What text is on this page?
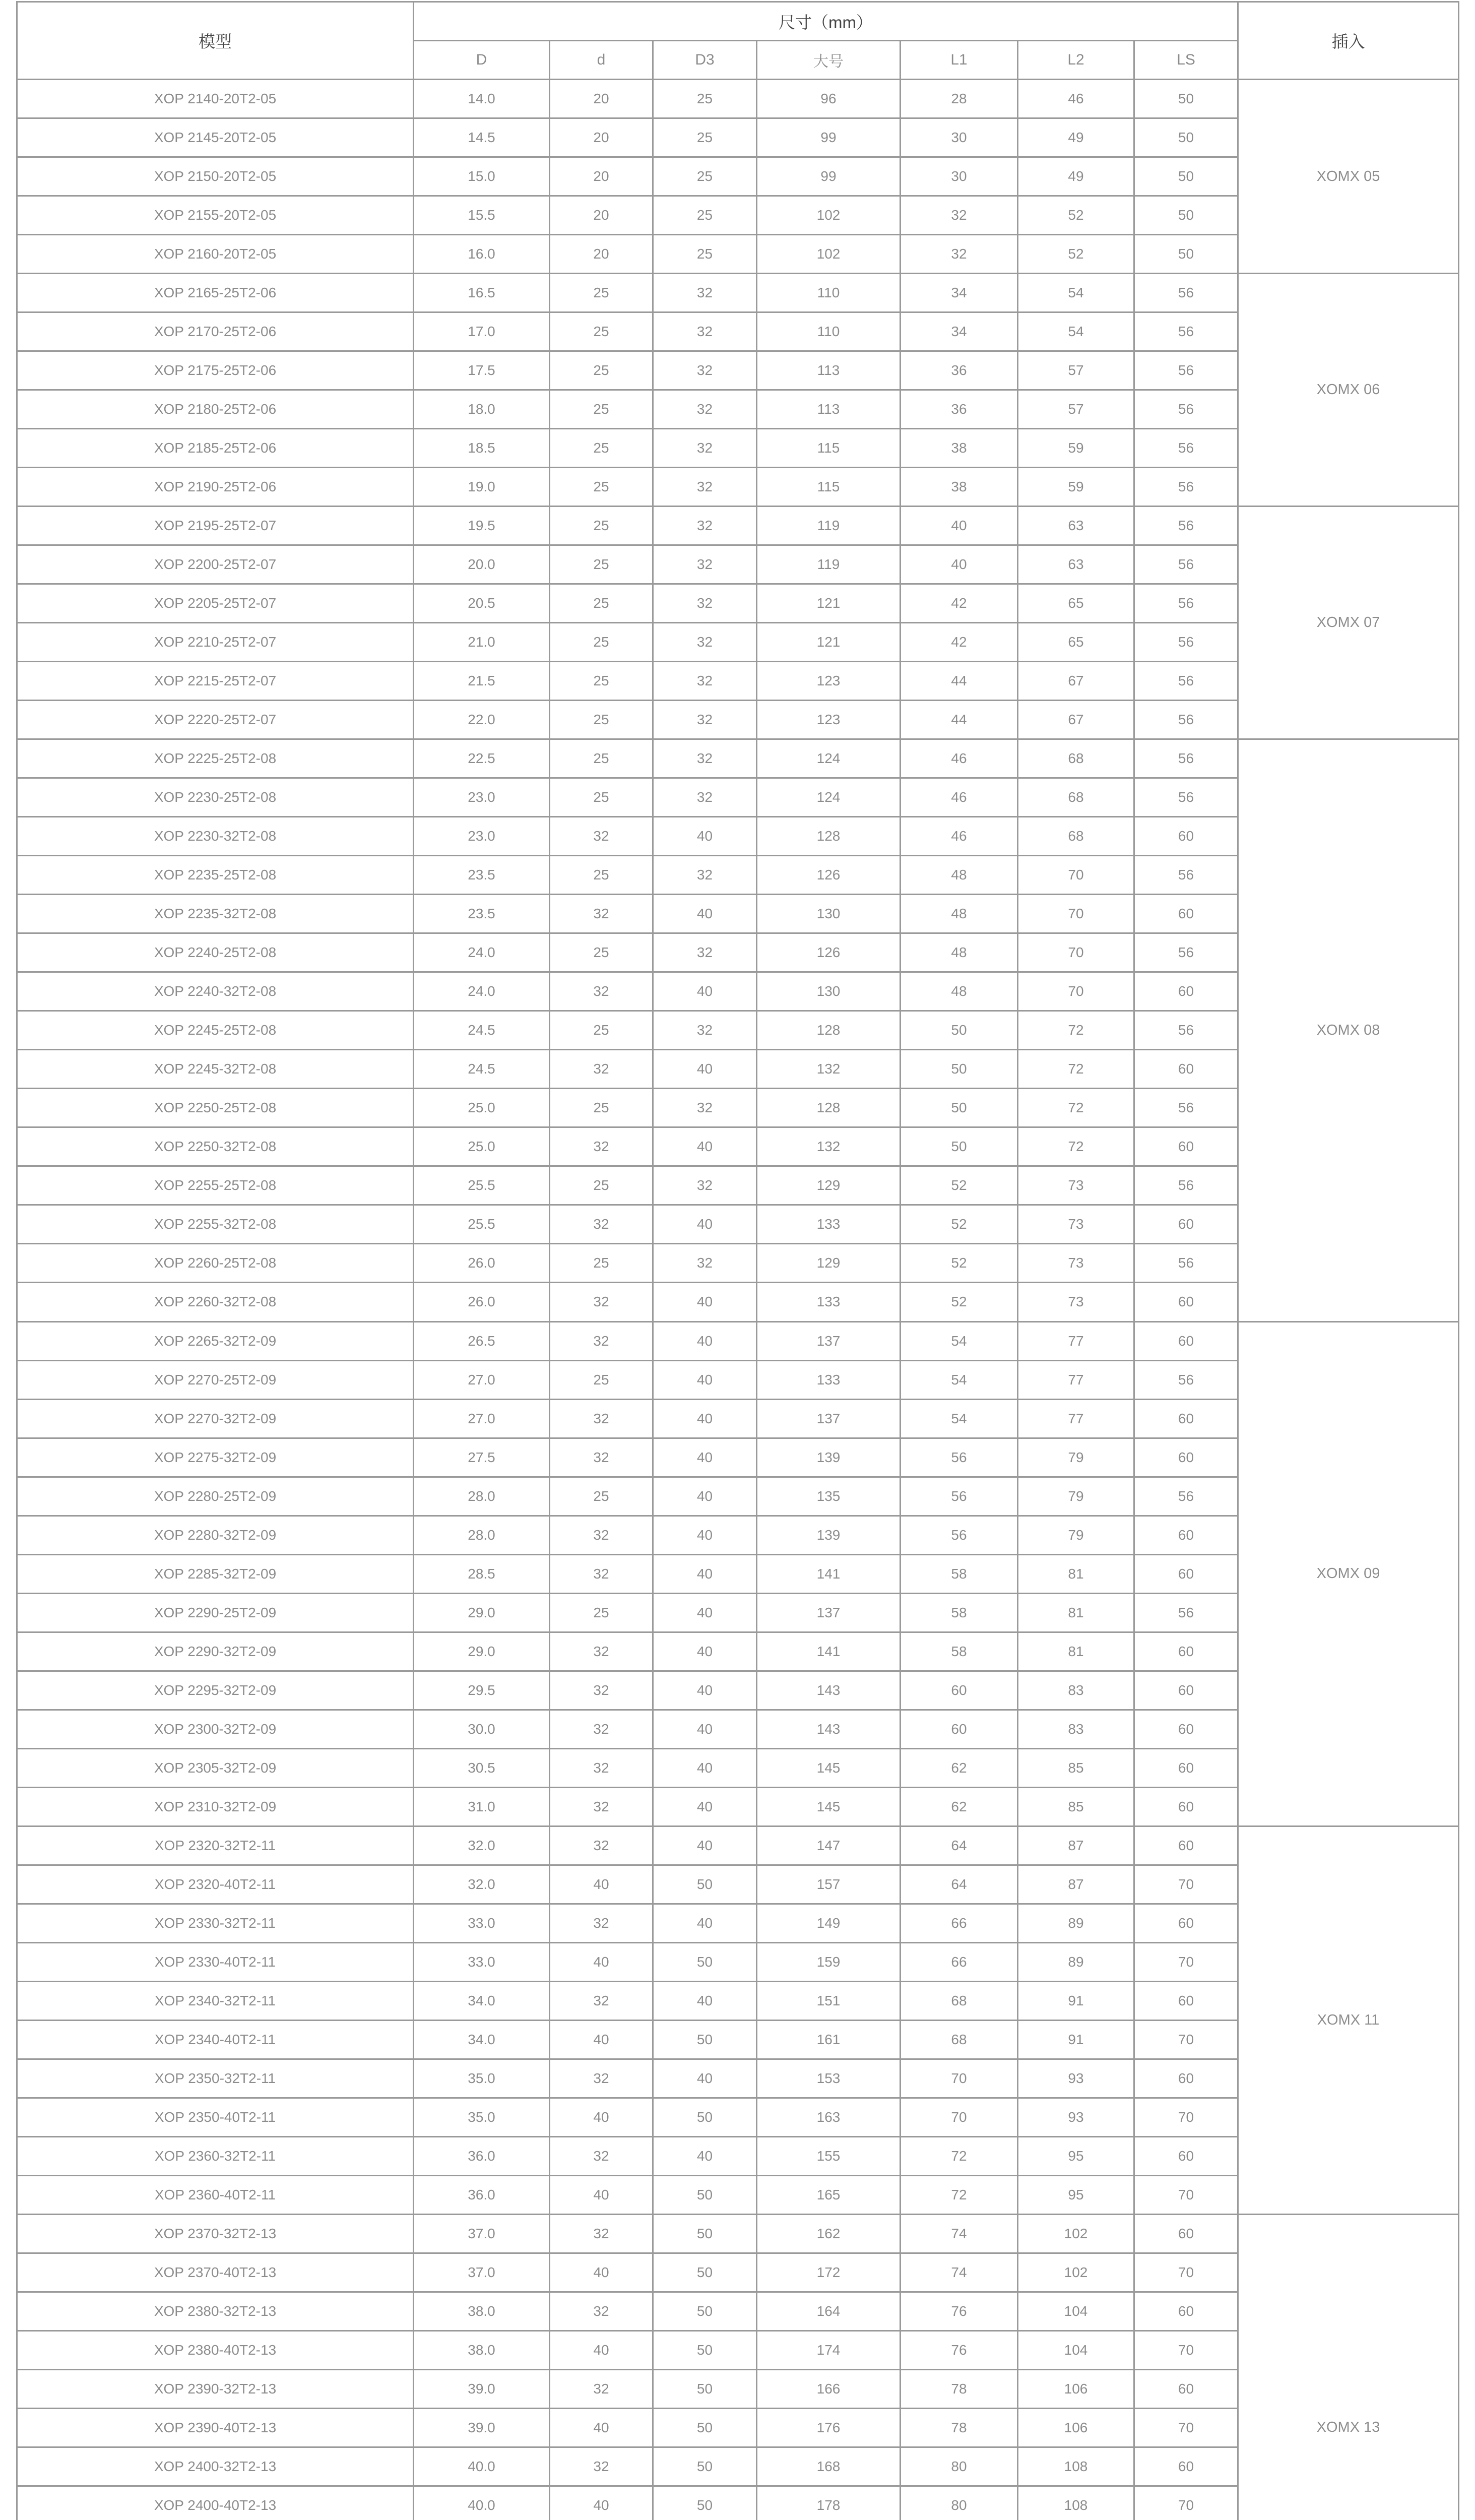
模型	尺寸（mm）							插入
	D	d	D3	大号	L1	L2	LS	
XOP 2140-20T2-05	14.0	20	25	96	28	46	50	XOMX 05
XOP 2145-20T2-05	14.5	20	25	99	30	49	50	
XOP 2150-20T2-05	15.0	20	25	99	30	49	50	
XOP 2155-20T2-05	15.5	20	25	102	32	52	50	
XOP 2160-20T2-05	16.0	20	25	102	32	52	50	
XOP 2165-25T2-06	16.5	25	32	110	34	54	56	XOMX 06
XOP 2170-25T2-06	17.0	25	32	110	34	54	56	
XOP 2175-25T2-06	17.5	25	32	113	36	57	56	
XOP 2180-25T2-06	18.0	25	32	113	36	57	56	
XOP 2185-25T2-06	18.5	25	32	115	38	59	56	
XOP 2190-25T2-06	19.0	25	32	115	38	59	56	
XOP 2195-25T2-07	19.5	25	32	119	40	63	56	XOMX 07
XOP 2200-25T2-07	20.0	25	32	119	40	63	56	
XOP 2205-25T2-07	20.5	25	32	121	42	65	56	
XOP 2210-25T2-07	21.0	25	32	121	42	65	56	
XOP 2215-25T2-07	21.5	25	32	123	44	67	56	
XOP 2220-25T2-07	22.0	25	32	123	44	67	56	
XOP 2225-25T2-08	22.5	25	32	124	46	68	56	XOMX 08
XOP 2230-25T2-08	23.0	25	32	124	46	68	56	
XOP 2230-32T2-08	23.0	32	40	128	46	68	60	
XOP 2235-25T2-08	23.5	25	32	126	48	70	56	
XOP 2235-32T2-08	23.5	32	40	130	48	70	60	
XOP 2240-25T2-08	24.0	25	32	126	48	70	56	
XOP 2240-32T2-08	24.0	32	40	130	48	70	60	
XOP 2245-25T2-08	24.5	25	32	128	50	72	56	
XOP 2245-32T2-08	24.5	32	40	132	50	72	60	
XOP 2250-25T2-08	25.0	25	32	128	50	72	56	
XOP 2250-32T2-08	25.0	32	40	132	50	72	60	
XOP 2255-25T2-08	25.5	25	32	129	52	73	56	
XOP 2255-32T2-08	25.5	32	40	133	52	73	60	
XOP 2260-25T2-08	26.0	25	32	129	52	73	56	
XOP 2260-32T2-08	26.0	32	40	133	52	73	60	
XOP 2265-32T2-09	26.5	32	40	137	54	77	60	XOMX 09
XOP 2270-25T2-09	27.0	25	40	133	54	77	56	
XOP 2270-32T2-09	27.0	32	40	137	54	77	60	
XOP 2275-32T2-09	27.5	32	40	139	56	79	60	
XOP 2280-25T2-09	28.0	25	40	135	56	79	56	
XOP 2280-32T2-09	28.0	32	40	139	56	79	60	
XOP 2285-32T2-09	28.5	32	40	141	58	81	60	
XOP 2290-25T2-09	29.0	25	40	137	58	81	56	
XOP 2290-32T2-09	29.0	32	40	141	58	81	60	
XOP 2295-32T2-09	29.5	32	40	143	60	83	60	
XOP 2300-32T2-09	30.0	32	40	143	60	83	60	
XOP 2305-32T2-09	30.5	32	40	145	62	85	60	
XOP 2310-32T2-09	31.0	32	40	145	62	85	60	
XOP 2320-32T2-11	32.0	32	40	147	64	87	60	XOMX 11
XOP 2320-40T2-11	32.0	40	50	157	64	87	70	
XOP 2330-32T2-11	33.0	32	40	149	66	89	60	
XOP 2330-40T2-11	33.0	40	50	159	66	89	70	
XOP 2340-32T2-11	34.0	32	40	151	68	91	60	
XOP 2340-40T2-11	34.0	40	50	161	68	91	70	
XOP 2350-32T2-11	35.0	32	40	153	70	93	60	
XOP 2350-40T2-11	35.0	40	50	163	70	93	70	
XOP 2360-32T2-11	36.0	32	40	155	72	95	60	
XOP 2360-40T2-11	36.0	40	50	165	72	95	70	
XOP 2370-32T2-13	37.0	32	50	162	74	102	60	XOMX 13
XOP 2370-40T2-13	37.0	40	50	172	74	102	70	
XOP 2380-32T2-13	38.0	32	50	164	76	104	60	
XOP 2380-40T2-13	38.0	40	50	174	76	104	70	
XOP 2390-32T2-13	39.0	32	50	166	78	106	60	
XOP 2390-40T2-13	39.0	40	50	176	78	106	70	
XOP 2400-32T2-13	40.0	32	50	168	80	108	60	
XOP 2400-40T2-13	40.0	40	50	178	80	108	70	
